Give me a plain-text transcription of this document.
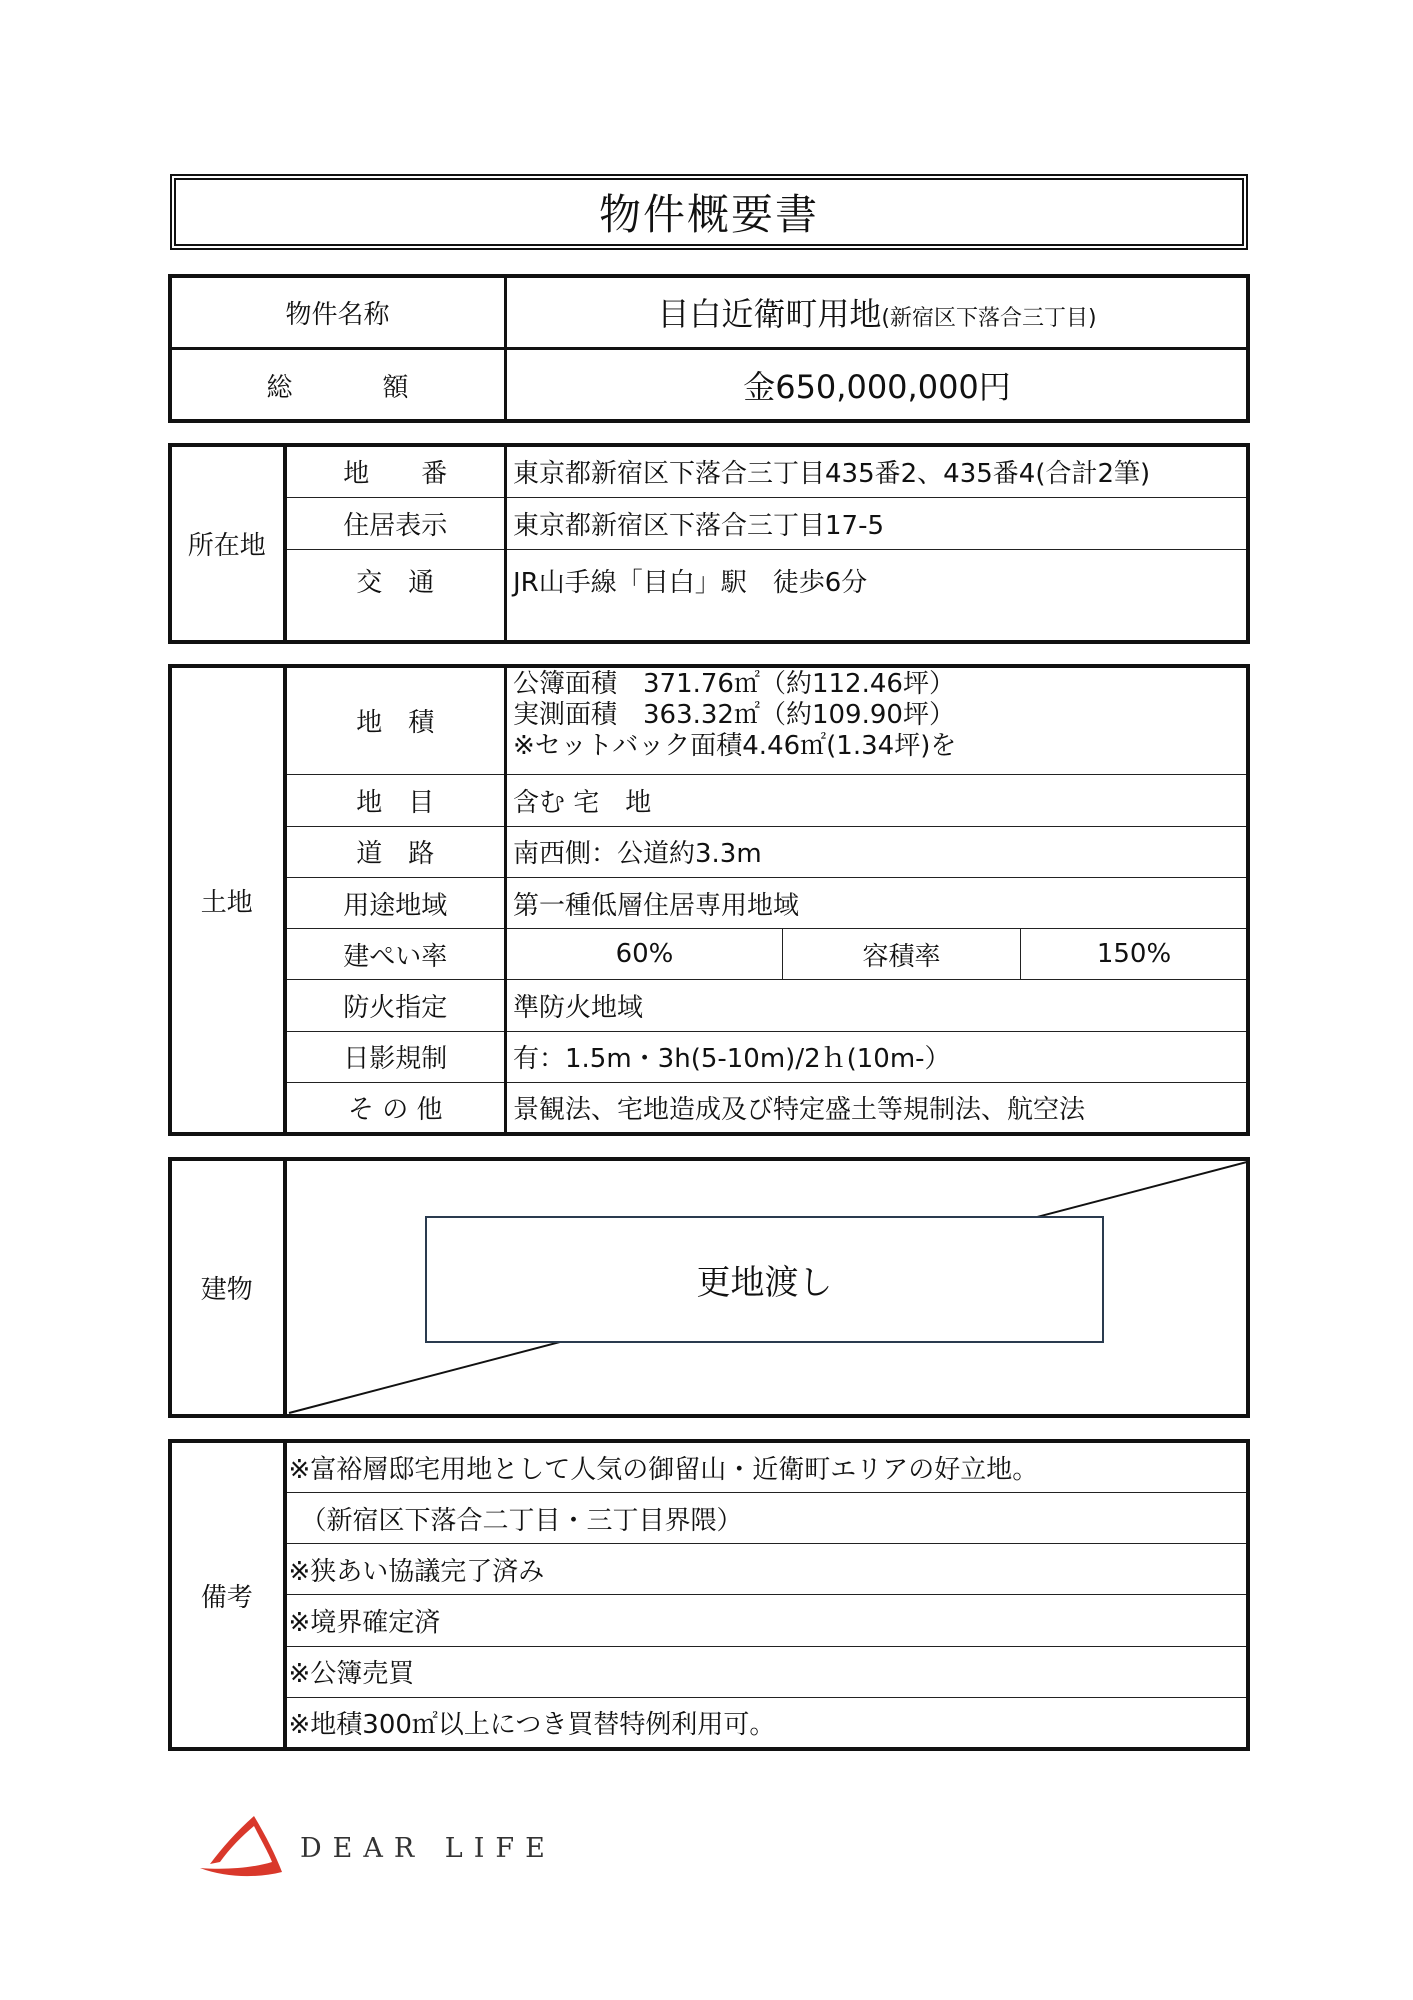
物件概要書
物件名称	目白近衛町用地(新宿区下落合三丁目)
総 額	金650,000,000円
所在地	地　　番	東京都新宿区下落合三丁目435番2、435番4(合計2筆)
	住居表示	東京都新宿区下落合三丁目17-5
	交　通	JR山手線「目白」駅　徒歩6分
土地	地　積	公簿面積　371.76㎡（約112.46坪）
実測面積　363.32㎡（約109.90坪）
※セットバック面積4.46㎡(1.34坪)を		

	地　目	含む 宅　地		
	道　路	南西側：公道約3.3m		
	用途地域	第一種低層住居専用地域		
	建ぺい率	60%	容積率	150%
	防火指定	準防火地域		
	日影規制	有：1.5m・3h(5-10m)/2ｈ(10m-）		
	そ の 他	景観法、宅地造成及び特定盛土等規制法、航空法		
建物		更地渡し
備考	※富裕層邸宅用地として人気の御留山・近衛町エリアの好立地。
（新宿区下落合二丁目・三丁目界隈）
※狭あい協議完了済み
※境界確定済
※公簿売買
※地積300㎡以上につき買替特例利用可。
DEAR LIFE
